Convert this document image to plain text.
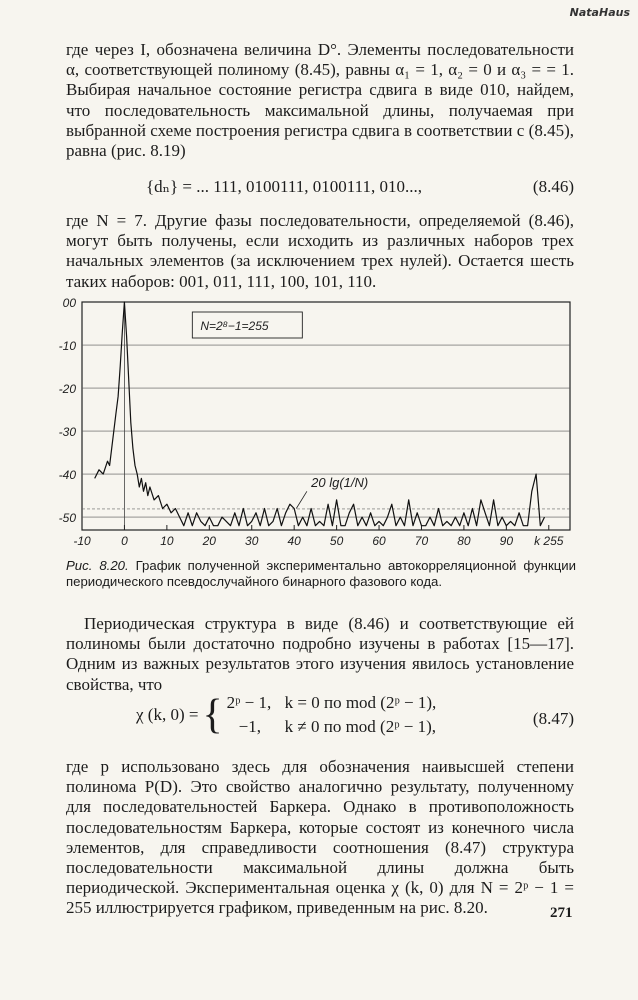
NataHaus
где через I, обозначена величина D°. Элементы последовательности α, соответствующей полиному (8.45), равны α₁ = 1, α₂ = 0 и α₃ = = 1. Выбирая начальное состояние регистра сдвига в виде 010, найдем, что последовательность максимальной длины, получаемая при выбранной схеме построения регистра сдвига в соответствии с (8.45), равна (рис. 8.19)
{dₙ} = ... 111, 0100111, 0100111, 010...,	(8.46)
где N = 7. Другие фазы последовательности, определяемой (8.46), могут быть получены, если исходить из различных наборов трех начальных элементов (за исключением трех нулей). Остается шесть таких наборов: 001, 011, 111, 100, 101, 110.
00
-10
-20
-30
-40
-50
-10	0	10 20 30 40 50 60 70 80 90 k 255
N=2⁸−1=255
20 lg(1/N)
Рис. 8.20. График полученной экспериментально автокорреляционной функции периодического псевдослучайного бинарного фазового кода.
Периодическая структура в виде (8.46) и соответствующие ей полиномы были достаточно подробно изучены в работах [15—17]. Одним из важных результатов этого изучения явилось установление свойства, что
χ (k, 0) = { 2ᵖ − 1, k = 0 по mod (2ᵖ − 1),
−1,	k ≠ 0 по mod (2ᵖ − 1),	(8.47)
где p использовано здесь для обозначения наивысшей степени полинома P(D). Это свойство аналогично результату, полученному для последовательностей Баркера. Однако в противоположность последовательностям Баркера, которые состоят из конечного числа элементов, для справедливости соотношения (8.47) структура последовательности максимальной длины должна быть периодической. Экспериментальная оценка χ (k, 0) для N = 2ᵖ − 1 = 255 иллюстрируется графиком, приведенным на рис. 8.20.	271
